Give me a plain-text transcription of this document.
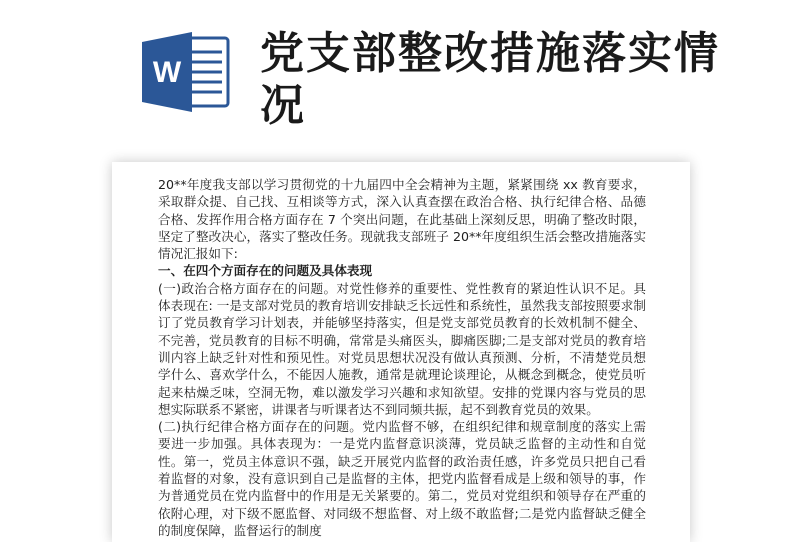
W 党支部整改措施落实情况

20**年度我支部以学习贯彻党的十九届四中全会精神为主题，紧紧围绕 xx 教育要求，采取群众提、自己找、互相谈等方式，深入认真查摆在政治合格、执行纪律合格、品德合格、发挥作用合格方面存在 7 个突出问题，在此基础上深刻反思，明确了整改时限，坚定了整改决心，落实了整改任务。现就我支部班子 20**年度组织生活会整改措施落实情况汇报如下:

一、在四个方面存在的问题及具体表现

(一)政治合格方面存在的问题。对党性修养的重要性、党性教育的紧迫性认识不足。具体表现在: 一是支部对党员的教育培训安排缺乏长远性和系统性，虽然我支部按照要求制订了党员教育学习计划表，并能够坚持落实，但是党支部党员教育的长效机制不健全、不完善，党员教育的目标不明确，常常是头痛医头，脚痛医脚;二是支部对党员的教育培训内容上缺乏针对性和预见性。对党员思想状况没有做认真预测、分析，不清楚党员想学什么、喜欢学什么，不能因人施教，通常是就理论谈理论，从概念到概念，使党员听起来枯燥乏味，空洞无物，难以激发学习兴趣和求知欲望。安排的党课内容与党员的思想实际联系不紧密，讲课者与听课者达不到同频共振，起不到教育党员的效果。

(二)执行纪律合格方面存在的问题。党内监督不够，在组织纪律和规章制度的落实上需要进一步加强。具体表现为：一是党内监督意识淡薄，党员缺乏监督的主动性和自觉性。第一，党员主体意识不强，缺乏开展党内监督的政治责任感，许多党员只把自己看着监督的对象，没有意识到自己是监督的主体，把党内监督看成是上级和领导的事，作为普通党员在党内监督中的作用是无关紧要的。第二，党员对党组织和领导存在严重的依附心理，对下级不愿监督、对同级不想监督、对上级不敢监督;二是党内监督缺乏健全的制度保障，监督运行的制度
